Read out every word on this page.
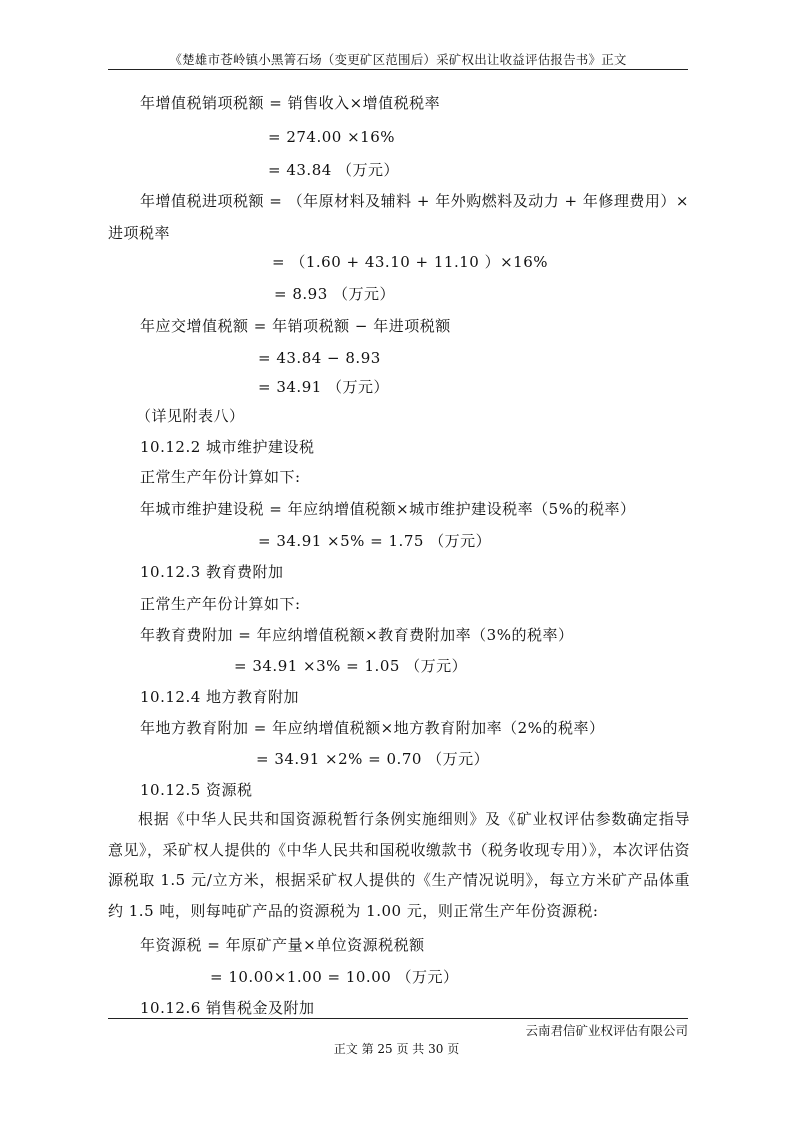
《楚雄市苍岭镇小黑箐石场（变更矿区范围后）采矿权出让收益评估报告书》正文
年增值税销项税额 = 销售收入×增值税税率
= 274.00 ×16%
= 43.84 （万元）
年增值税进项税额 = （年原材料及辅料 + 年外购燃料及动力 + 年修理费用）×
进项税率
= （1.60 + 43.10 + 11.10 ）×16%
= 8.93 （万元）
年应交增值税额 = 年销项税额 − 年进项税额
= 43.84 − 8.93
= 34.91 （万元）
（详见附表八）
10.12.2 城市维护建设税
正常生产年份计算如下:
年城市维护建设税 = 年应纳增值税额×城市维护建设税率（5%的税率）
= 34.91 ×5% = 1.75 （万元）
10.12.3 教育费附加
正常生产年份计算如下:
年教育费附加 = 年应纳增值税额×教育费附加率（3%的税率）
= 34.91 ×3% = 1.05 （万元）
10.12.4 地方教育附加
年地方教育附加 = 年应纳增值税额×地方教育附加率（2%的税率）
= 34.91 ×2% = 0.70 （万元）
10.12.5 资源税
根据《中华人民共和国资源税暂行条例实施细则》及《矿业权评估参数确定指导意见》，采矿权人提供的《中华人民共和国税收缴款书（税务收现专用）》，本次评估资源税取 1.5 元/立方米，根据采矿权人提供的《生产情况说明》，每立方米矿产品体重约 1.5 吨，则每吨矿产品的资源税为 1.00 元，则正常生产年份资源税:
年资源税 = 年原矿产量×单位资源税税额
= 10.00×1.00 = 10.00 （万元）
10.12.6 销售税金及附加
云南君信矿业权评估有限公司
正文 第 25 页 共 30 页
